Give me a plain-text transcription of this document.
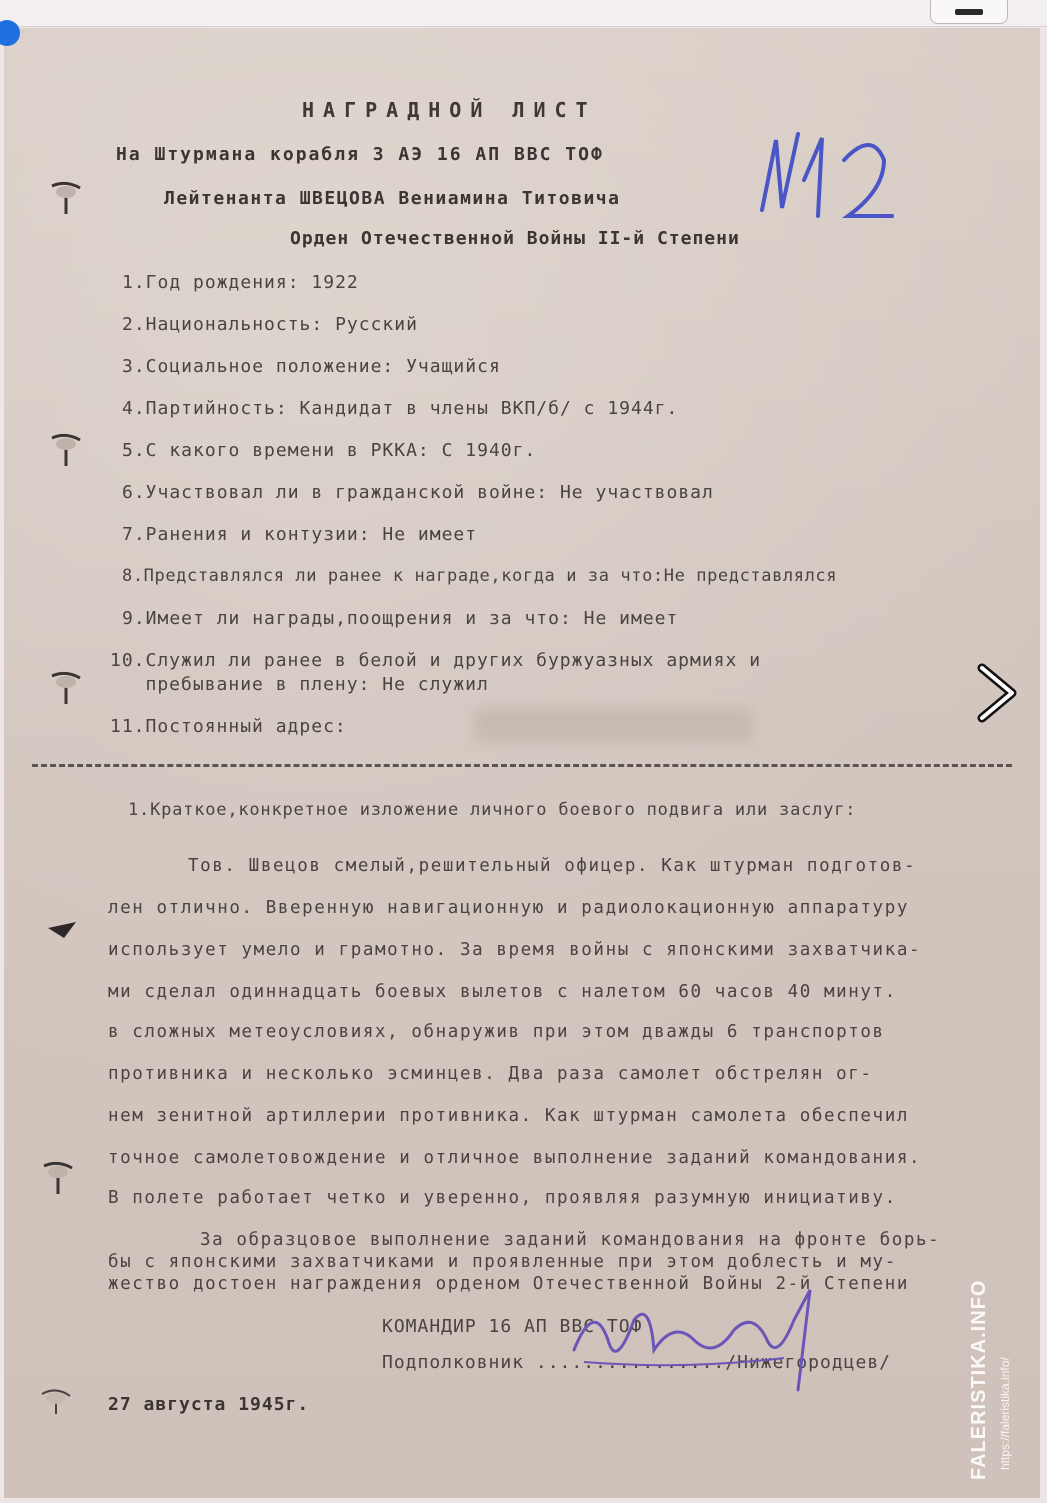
НАГРАДНОЙ ЛИСТ
На Штурмана корабля 3 АЭ 16 АП ВВС ТОФ
Лейтенанта ШВЕЦОВА Вениамина Титовича
Орден Отечественной Войны II-й Степени
142
1.Год рождения: 1922
2.Национальность: Русский
3.Социальное положение: Учащийся
4.Партийность: Кандидат в члены ВКП/б/ с 1944г.
5.С какого времени в РККА: С 1940г.
6.Участвовал ли в гражданской войне: Не участвовал
7.Ранения и контузии: Не имеет
8.Представлялся ли ранее к награде,когда и за что:Не представлялся
9.Имеет ли награды,поощрения и за что: Не имеет
10.Служил ли ранее в белой и других буржуазных армиях и
пребывание в плену: Не служил
11.Постоянный адрес:
1.Краткое,конкретное изложение личного боевого подвига или заслуг:
Тов. Швецов смелый,решительный офицер. Как штурман подготов-
лен отлично. Вверенную навигационную и радиолокационную аппаратуру
использует умело и грамотно. За время войны с японскими захватчика-
ми сделал одиннадцать боевых вылетов с налетом 60 часов 40 минут.
в сложных метеоусловиях, обнаружив при этом дважды 6 транспортов
противника и несколько эсминцев. Два раза самолет обстрелян ог-
нем зенитной артиллерии противника. Как штурман самолета обеспечил
точное самолетовождение и отличное выполнение заданий командования.
В полете работает четко и уверенно, проявляя разумную инициативу.
За образцовое выполнение заданий командования на фронте борь-
бы с японскими захватчиками и проявленные при этом доблесть и му-
жество достоен награждения орденом Отечественной Войны 2-й Степени
КОМАНДИР 16 АП ВВС ТОФ
Подполковник ................/Нижегородцев/
27 августа 1945г.	FALERISTIKA.INFO https://faleristika.info/
